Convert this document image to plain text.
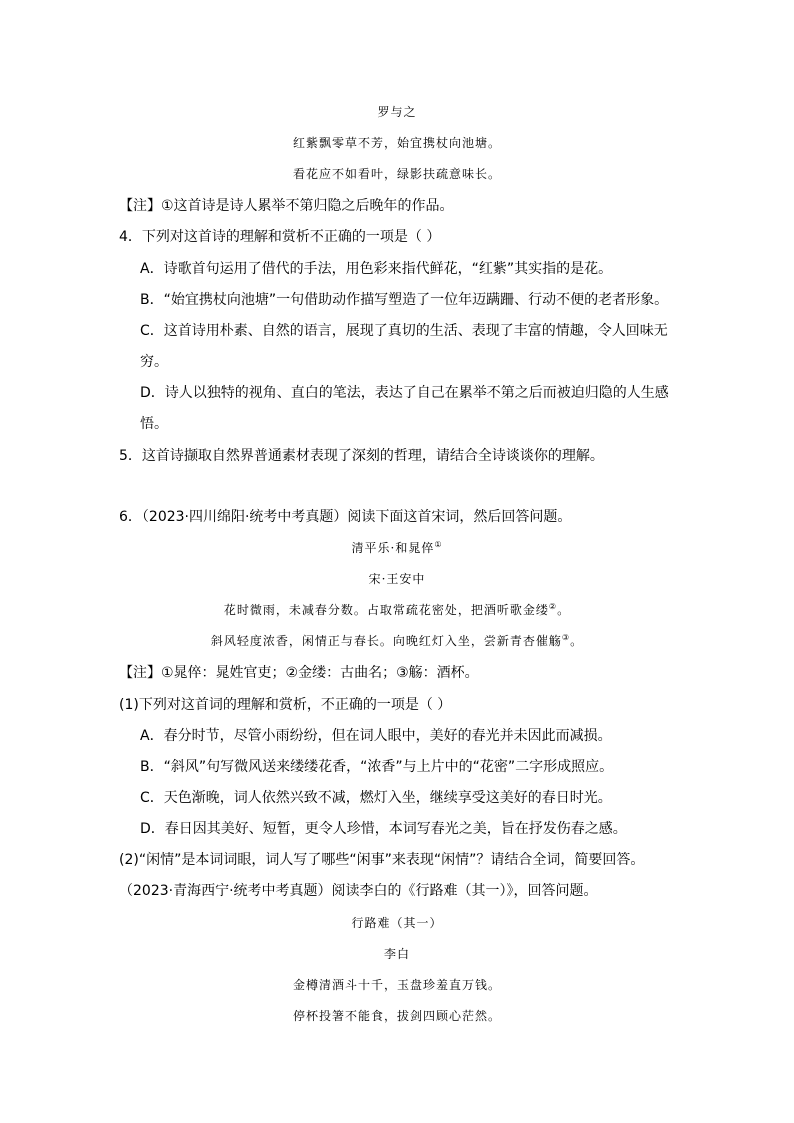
罗与之
红紫飘零草不芳，始宜携杖向池塘。
看花应不如看叶，绿影扶疏意味长。
【注】①这首诗是诗人累举不第归隐之后晚年的作品。
4．下列对这首诗的理解和赏析不正确的一项是（ ）
A．诗歌首句运用了借代的手法，用色彩来指代鲜花，“红紫”其实指的是花。
B．“始宜携杖向池塘”一句借助动作描写塑造了一位年迈蹒跚、行动不便的老者形象。
C．这首诗用朴素、自然的语言，展现了真切的生活、表现了丰富的情趣，令人回味无
穷。
D．诗人以独特的视角、直白的笔法，表达了自己在累举不第之后而被迫归隐的人生感
悟。
5．这首诗撷取自然界普通素材表现了深刻的哲理，请结合全诗谈谈你的理解。
6．（2023·四川绵阳·统考中考真题）阅读下面这首宋词，然后回答问题。
清平乐·和晁倅①
宋·王安中
花时微雨，未减春分数。占取常疏花密处，把酒听歌金缕②。
斜风轻度浓香，闲情正与春长。向晚红灯入坐，尝新青杏催觞③。
【注】①晁倅：晁姓官吏；②金缕：古曲名；③觞：酒杯。
(1)下列对这首词的理解和赏析，不正确的一项是（ ）
A．春分时节，尽管小雨纷纷，但在词人眼中，美好的春光并未因此而减损。
B．“斜风”句写微风送来缕缕花香，“浓香”与上片中的“花密”二字形成照应。
C．天色渐晚，词人依然兴致不减，燃灯入坐，继续享受这美好的春日时光。
D．春日因其美好、短暂，更令人珍惜，本词写春光之美，旨在抒发伤春之感。
(2)“闲情”是本词词眼，词人写了哪些“闲事”来表现“闲情”？请结合全词，简要回答。
（2023·青海西宁·统考中考真题）阅读李白的《行路难（其一）》，回答问题。
行路难（其一）
李白
金樽清酒斗十千，玉盘珍羞直万钱。
停杯投箸不能食，拔剑四顾心茫然。
